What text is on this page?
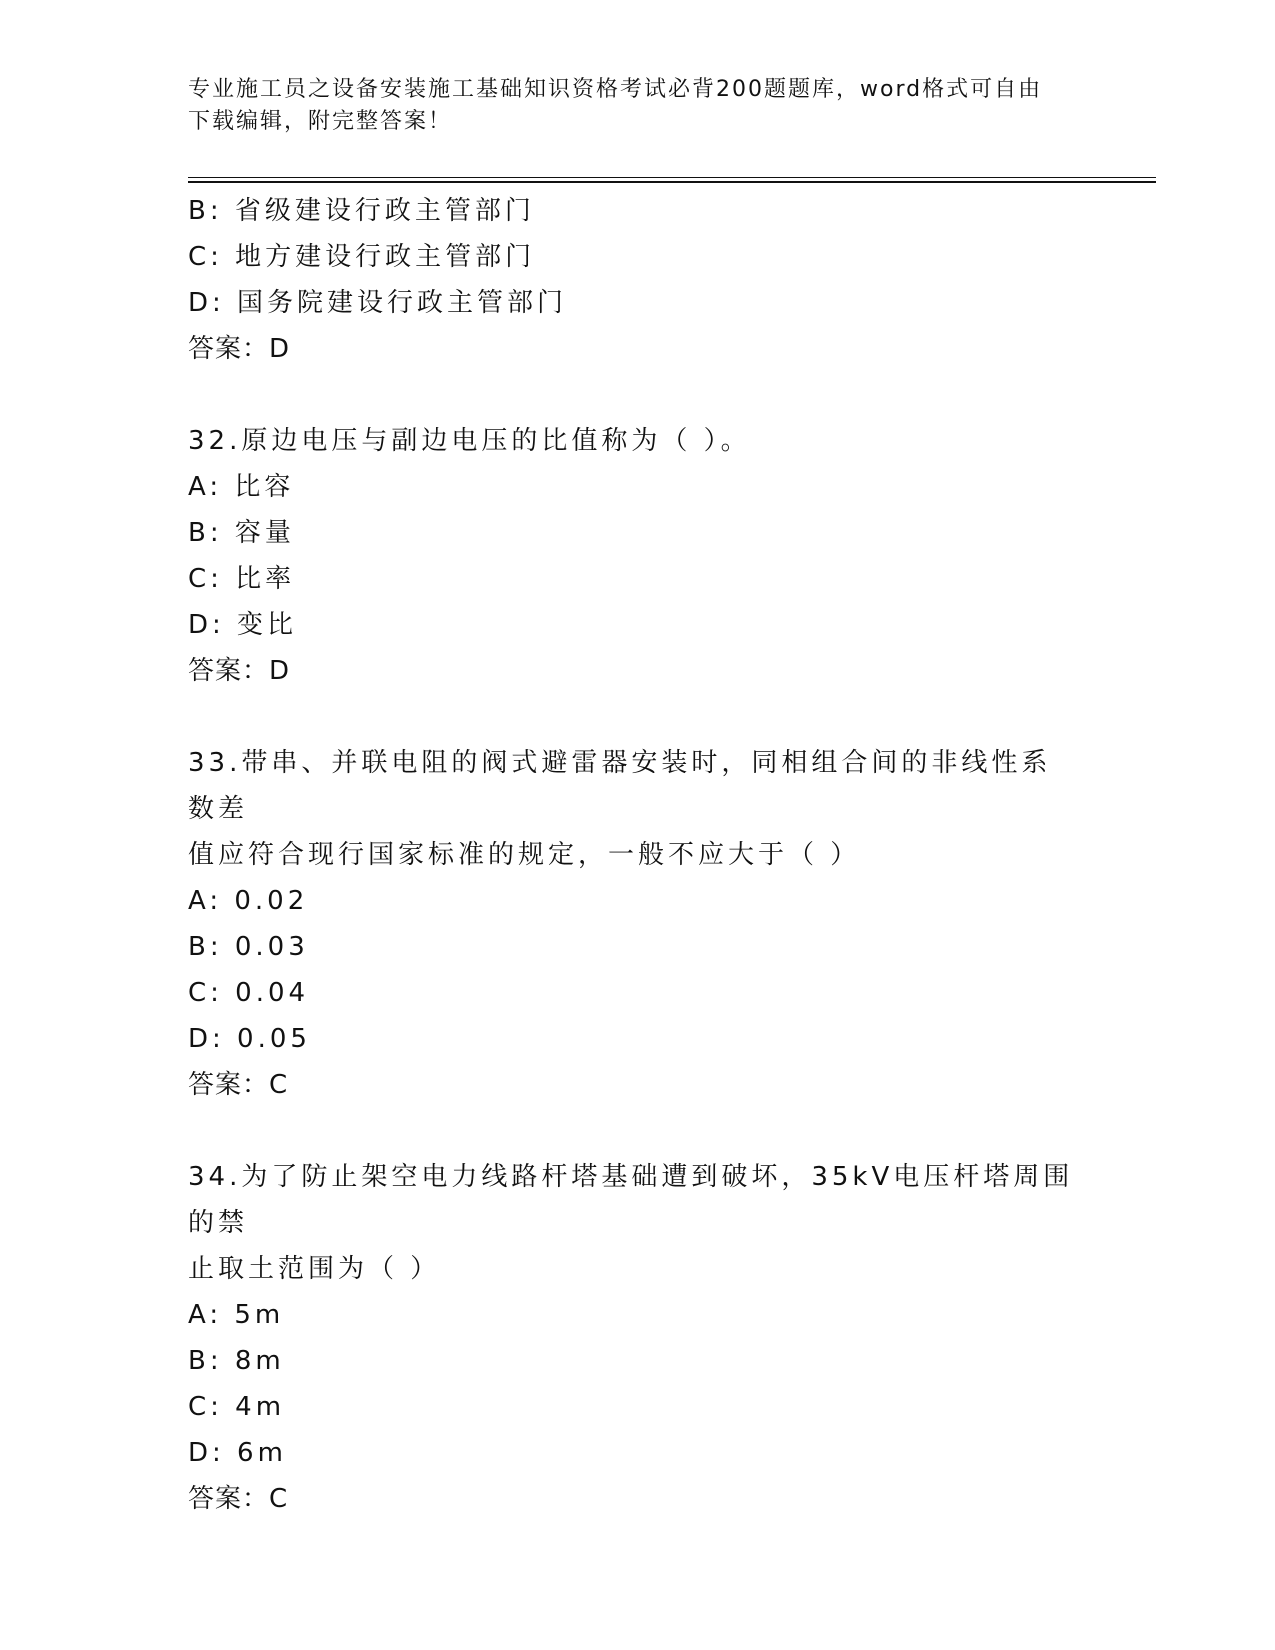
专业施工员之设备安装施工基础知识资格考试必背200题题库，word格式可自由
下载编辑，附完整答案！
B: 省级建设行政主管部门
C: 地方建设行政主管部门
D: 国务院建设行政主管部门
答案：D
32.原边电压与副边电压的比值称为（ ）。
A: 比容
B: 容量
C: 比率
D: 变比
答案：D
33.带串、并联电阻的阀式避雷器安装时，同相组合间的非线性系数差
值应符合现行国家标准的规定，一般不应大于（ ）
A: 0.02
B: 0.03
C: 0.04
D: 0.05
答案：C
34.为了防止架空电力线路杆塔基础遭到破坏，35kV电压杆塔周围的禁
止取土范围为（ ）
A: 5m
B: 8m
C: 4m
D: 6m
答案：C
